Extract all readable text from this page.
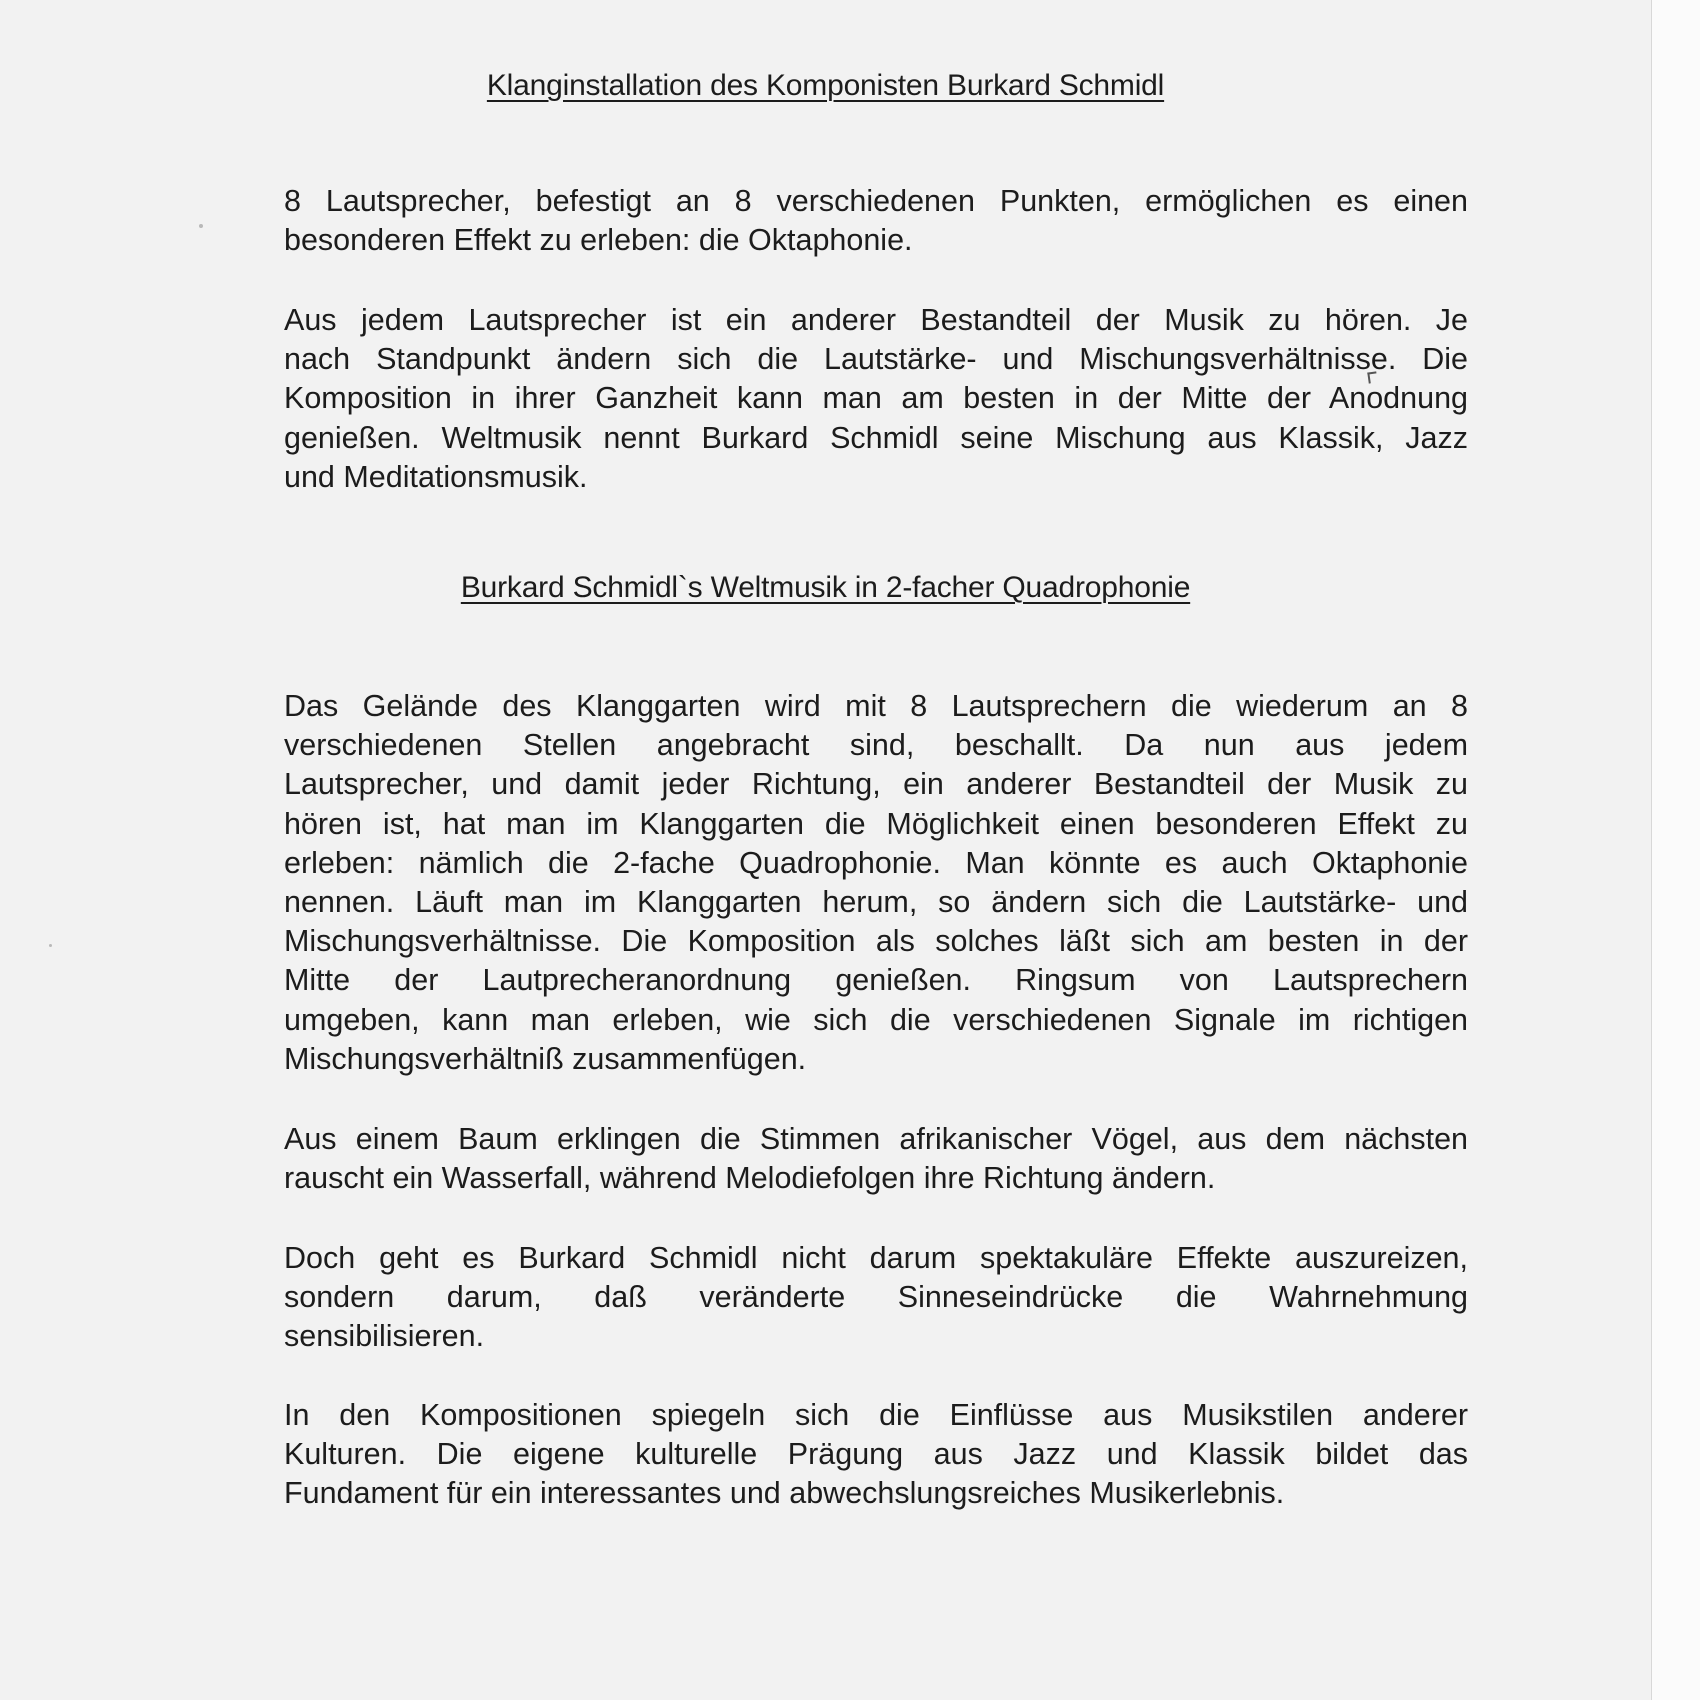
Klanginstallation des Komponisten Burkard Schmidl
8 Lautsprecher, befestigt an 8 verschiedenen Punkten, ermöglichen es einen
besonderen Effekt zu erleben: die Oktaphonie.
Aus jedem Lautsprecher ist ein anderer Bestandteil der Musik zu hören. Je
nach Standpunkt ändern sich die Lautstärke- und Mischungsverhältnisse. Die
Komposition in ihrer Ganzheit kann man am besten in der Mitte der Anodnung
genießen. Weltmusik nennt Burkard Schmidl seine Mischung aus Klassik, Jazz
und Meditationsmusik.
Burkard Schmidl`s Weltmusik in 2-facher Quadrophonie
Das Gelände des Klanggarten wird mit 8 Lautsprechern die wiederum an 8
verschiedenen Stellen angebracht sind, beschallt. Da nun aus jedem
Lautsprecher, und damit jeder Richtung, ein anderer Bestandteil der Musik zu
hören ist, hat man im Klanggarten die Möglichkeit einen besonderen Effekt zu
erleben: nämlich die 2-fache Quadrophonie. Man könnte es auch Oktaphonie
nennen. Läuft man im Klanggarten herum, so ändern sich die Lautstärke- und
Mischungsverhältnisse. Die Komposition als solches läßt sich am besten in der
Mitte der Lautprecheranordnung genießen. Ringsum von Lautsprechern
umgeben, kann man erleben, wie sich die verschiedenen Signale im richtigen
Mischungsverhältniß zusammenfügen.
Aus einem Baum erklingen die Stimmen afrikanischer Vögel, aus dem nächsten
rauscht ein Wasserfall, während Melodiefolgen ihre Richtung ändern.
Doch geht es Burkard Schmidl nicht darum spektakuläre Effekte auszureizen,
sondern darum, daß veränderte Sinneseindrücke die Wahrnehmung
sensibilisieren.
In den Kompositionen spiegeln sich die Einflüsse aus Musikstilen anderer
Kulturen. Die eigene kulturelle Prägung aus Jazz und Klassik bildet das
Fundament für ein interessantes und abwechslungsreiches Musikerlebnis.
